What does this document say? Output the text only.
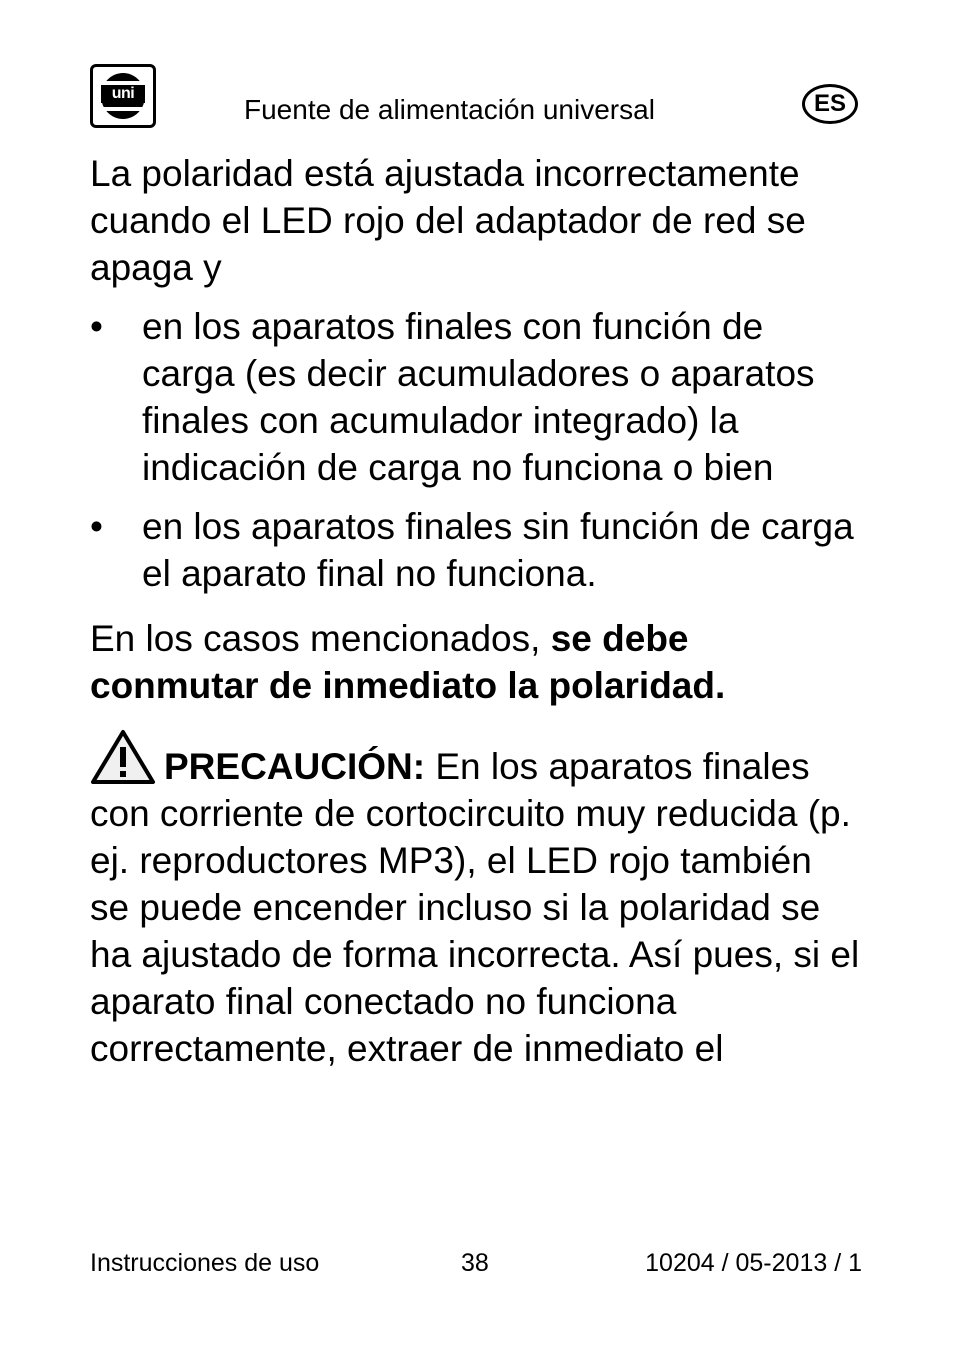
uni
Fuente de alimentación universal	ES

La polaridad está ajustada incorrectamente cuando el LED rojo del adaptador de red se apaga y

• en los aparatos finales con función de carga (es decir acumuladores o aparatos finales con acumulador integrado) la indicación de carga no funciona o bien
• en los aparatos finales sin función de carga el aparato final no funciona.

En los casos mencionados, se debe conmutar de inmediato la polaridad.

PRECAUCIÓN: En los aparatos finales con corriente de cortocircuito muy reducida (p. ej. reproductores MP3), el LED rojo también se puede encender incluso si la polaridad se ha ajustado de forma incorrecta. Así pues, si el aparato final conectado no funciona correctamente, extraer de inmediato el

Instrucciones de uso	38	10204 / 05-2013 / 1
